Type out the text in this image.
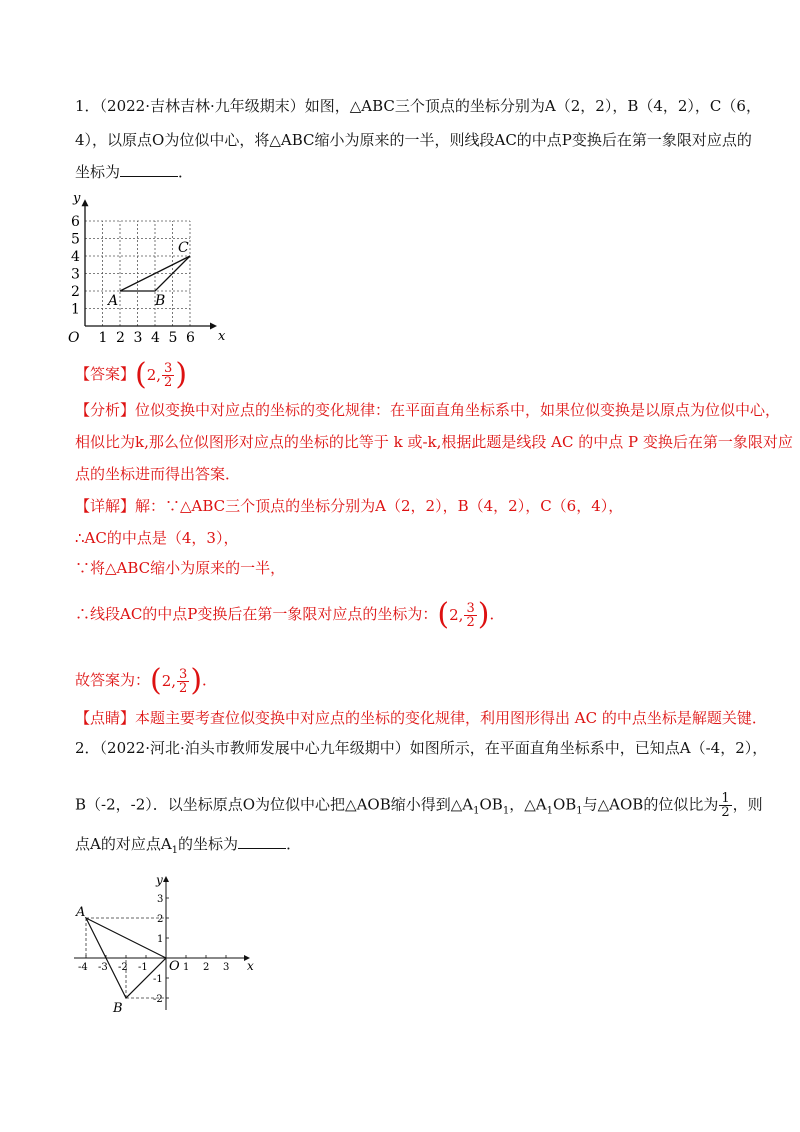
1．（2022·吉林吉林·九年级期末）如图，△ABC三个顶点的坐标分别为A（2，2），B（4，2），C（6，
4），以原点O为位似中心，将△ABC缩小为原来的一半，则线段AC的中点P变换后在第一象限对应点的
坐标为	．
y
x
O
6
5
4
3
2
1
1 2 3 4 5 6
A	B
C
【答案】 ( 2, $\frac{3}{2}$ )
【分析】位似变换中对应点的坐标的变化规律：在平面直角坐标系中，如果位似变换是以原点为位似中心，
相似比为k,那么位似图形对应点的坐标的比等于 k 或-k,根据此题是线段 AC 的中点 P 变换后在第一象限对应
点的坐标进而得出答案．
【详解】解：∵△ABC三个顶点的坐标分别为A（2，2），B（4，2），C（6，4），
∴AC的中点是（4，3），
∵将△ABC缩小为原来的一半，
∴线段AC的中点P变换后在第一象限对应点的坐标为： ( 2, $\frac{3}{2}$ ) ．
故答案为： ( 2, $\frac{3}{2}$ ) ．
【点睛】本题主要考查位似变换中对应点的坐标的变化规律，利用图形得出 AC 的中点坐标是解题关键．
2．（2022·河北·泊头市教师发展中心九年级期中）如图所示，在平面直角坐标系中，已知点A（-4，2），
B（-2，-2）．以坐标原点O为位似中心把△AOB缩小得到$\triangle A_1OB_1$，$\triangle A_1OB_1$与△AOB的位似比为 $\frac{1}{2}$ ，则
点A的对应点$A_1$的坐标为	．
-4 -3 -2 -1	1 2 3
3
2
1
-1
-2
y
x
O
A
B
